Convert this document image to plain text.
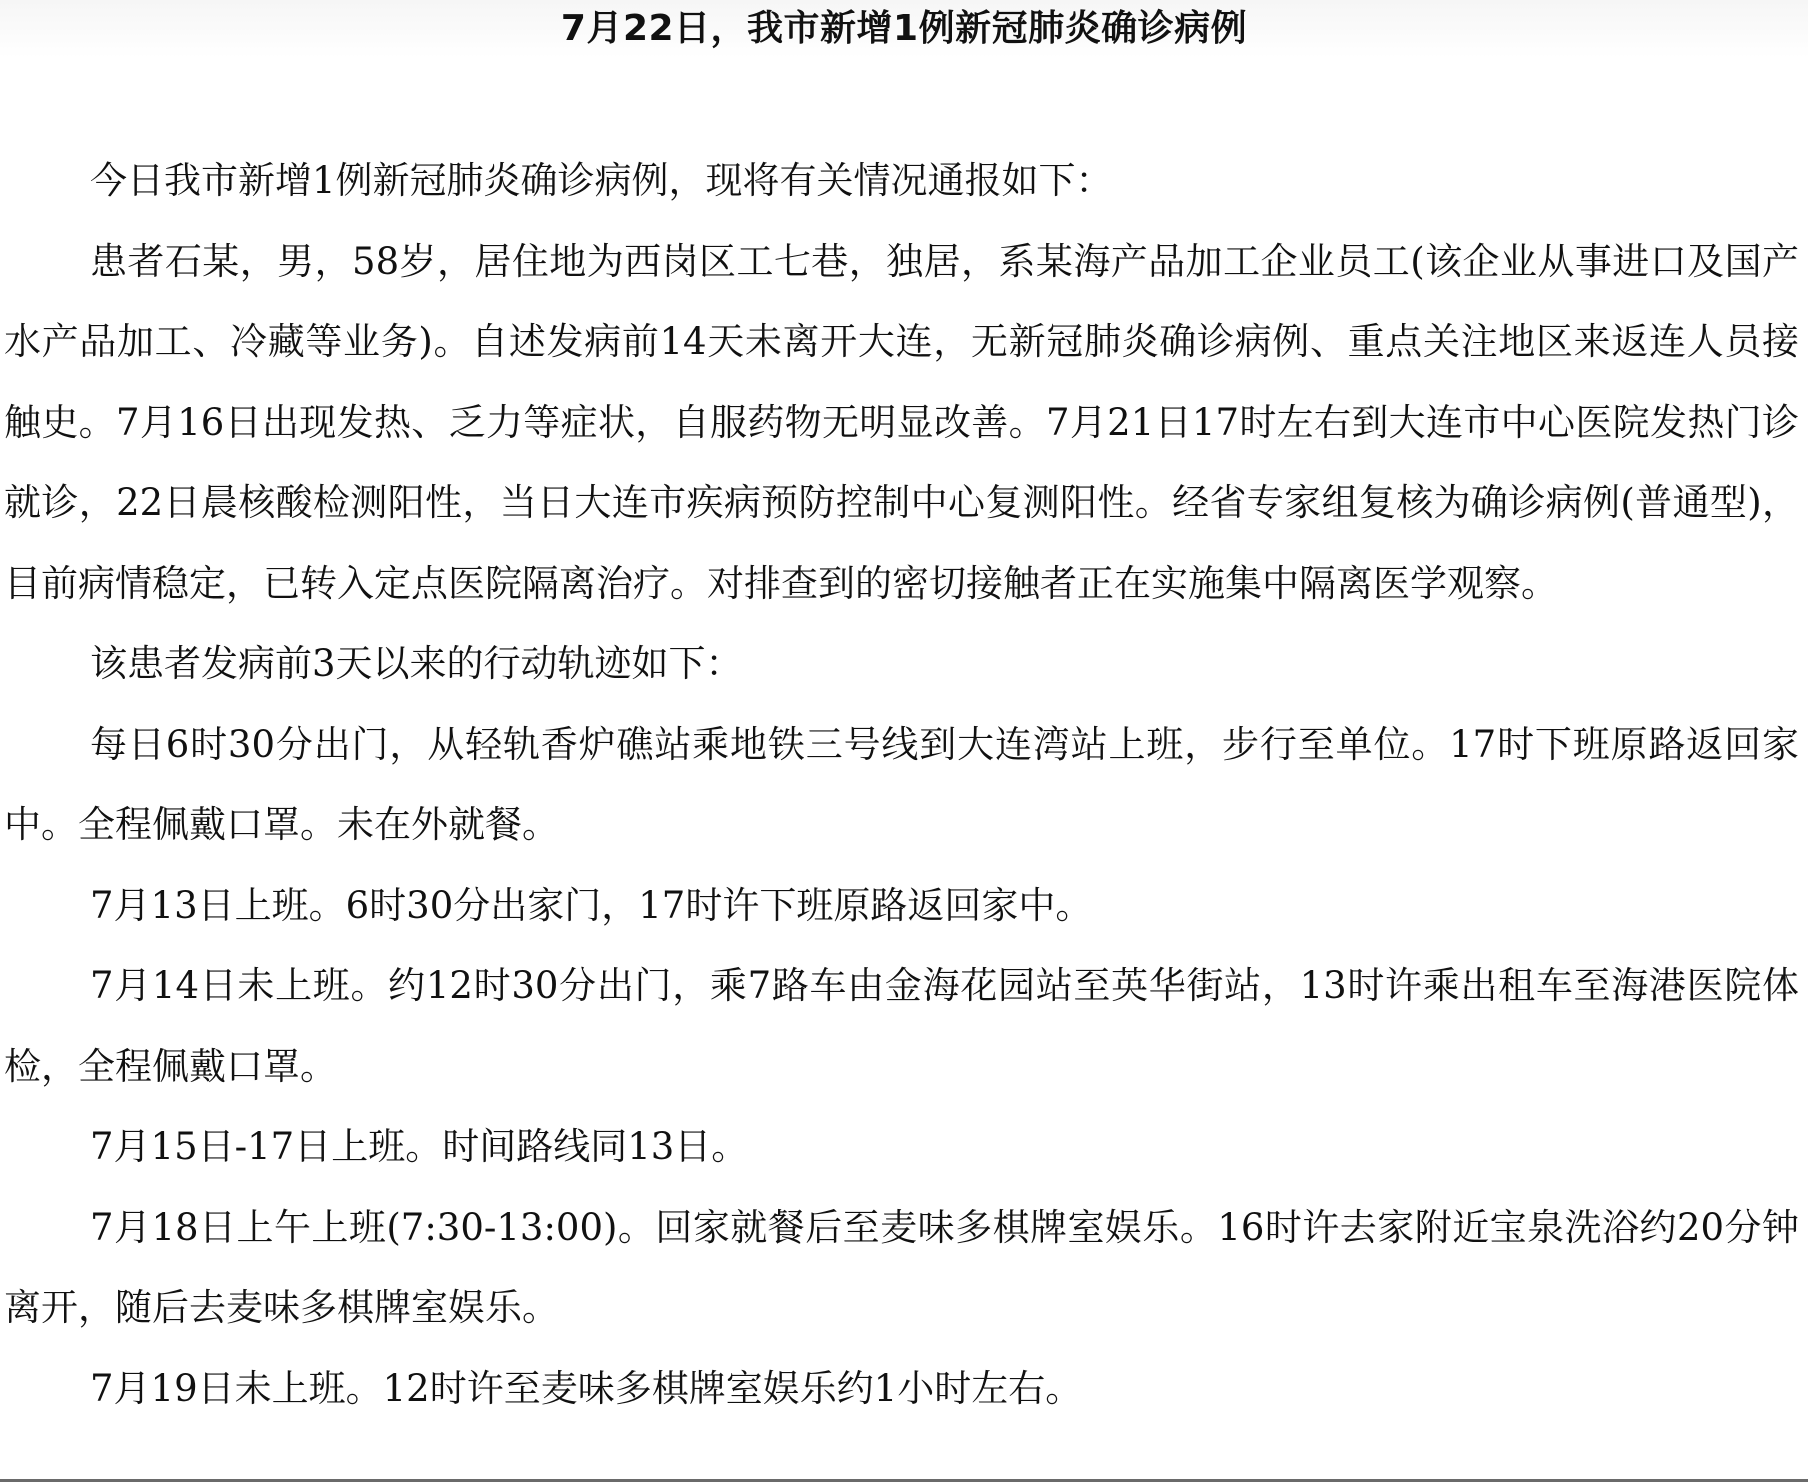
7月22日，我市新增1例新冠肺炎确诊病例

今日我市新增1例新冠肺炎确诊病例，现将有关情况通报如下：

患者石某，男，58岁，居住地为西岗区工七巷，独居，系某海产品加工企业员工(该企业从事进口及国产水产品加工、冷藏等业务)。自述发病前14天未离开大连，无新冠肺炎确诊病例、重点关注地区来返连人员接触史。7月16日出现发热、乏力等症状，自服药物无明显改善。7月21日17时左右到大连市中心医院发热门诊就诊，22日晨核酸检测阳性，当日大连市疾病预防控制中心复测阳性。经省专家组复核为确诊病例(普通型)，目前病情稳定，已转入定点医院隔离治疗。对排查到的密切接触者正在实施集中隔离医学观察。

该患者发病前3天以来的行动轨迹如下：

每日6时30分出门，从轻轨香炉礁站乘地铁三号线到大连湾站上班，步行至单位。17时下班原路返回家中。全程佩戴口罩。未在外就餐。

7月13日上班。6时30分出家门，17时许下班原路返回家中。

7月14日未上班。约12时30分出门，乘7路车由金海花园站至英华街站，13时许乘出租车至海港医院体检，全程佩戴口罩。

7月15日-17日上班。时间路线同13日。

7月18日上午上班(7:30-13:00)。回家就餐后至麦味多棋牌室娱乐。16时许去家附近宝泉洗浴约20分钟离开，随后去麦味多棋牌室娱乐。

7月19日未上班。12时许至麦味多棋牌室娱乐约1小时左右。
